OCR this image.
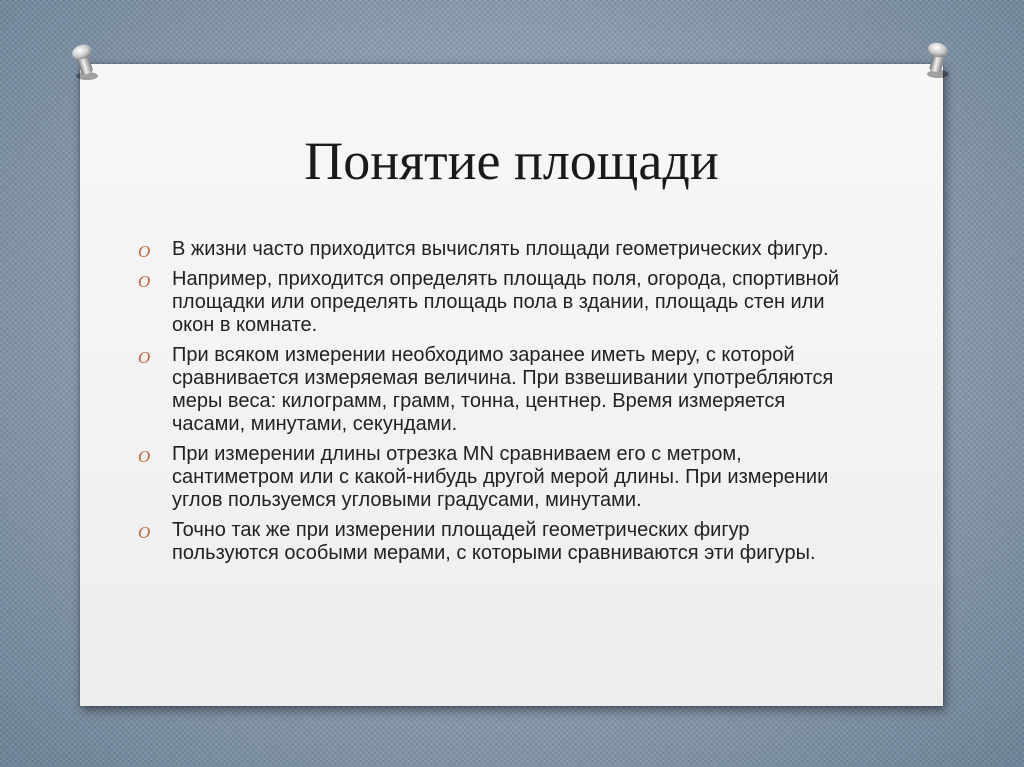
Понятие площади
O В жизни часто приходится вычислять площади геометрических фигур.
O Например, приходится определять площадь поля, огорода, спортивной площадки или определять площадь пола в здании, площадь стен или окон в комнате.
O При всяком измерении необходимо заранее иметь меру, с которой сравнивается измеряемая величина. При взвешивании употребляются меры веса: килограмм, грамм, тонна, центнер. Время измеряется часами, минутами, секундами.
O При измерении длины отрезка MN сравниваем его с метром, сантиметром или с какой-нибудь другой мерой длины. При измерении углов пользуемся угловыми градусами, минутами.
O Точно так же при измерении площадей геометрических фигур пользуются особыми мерами, с которыми сравниваются эти фигуры.
